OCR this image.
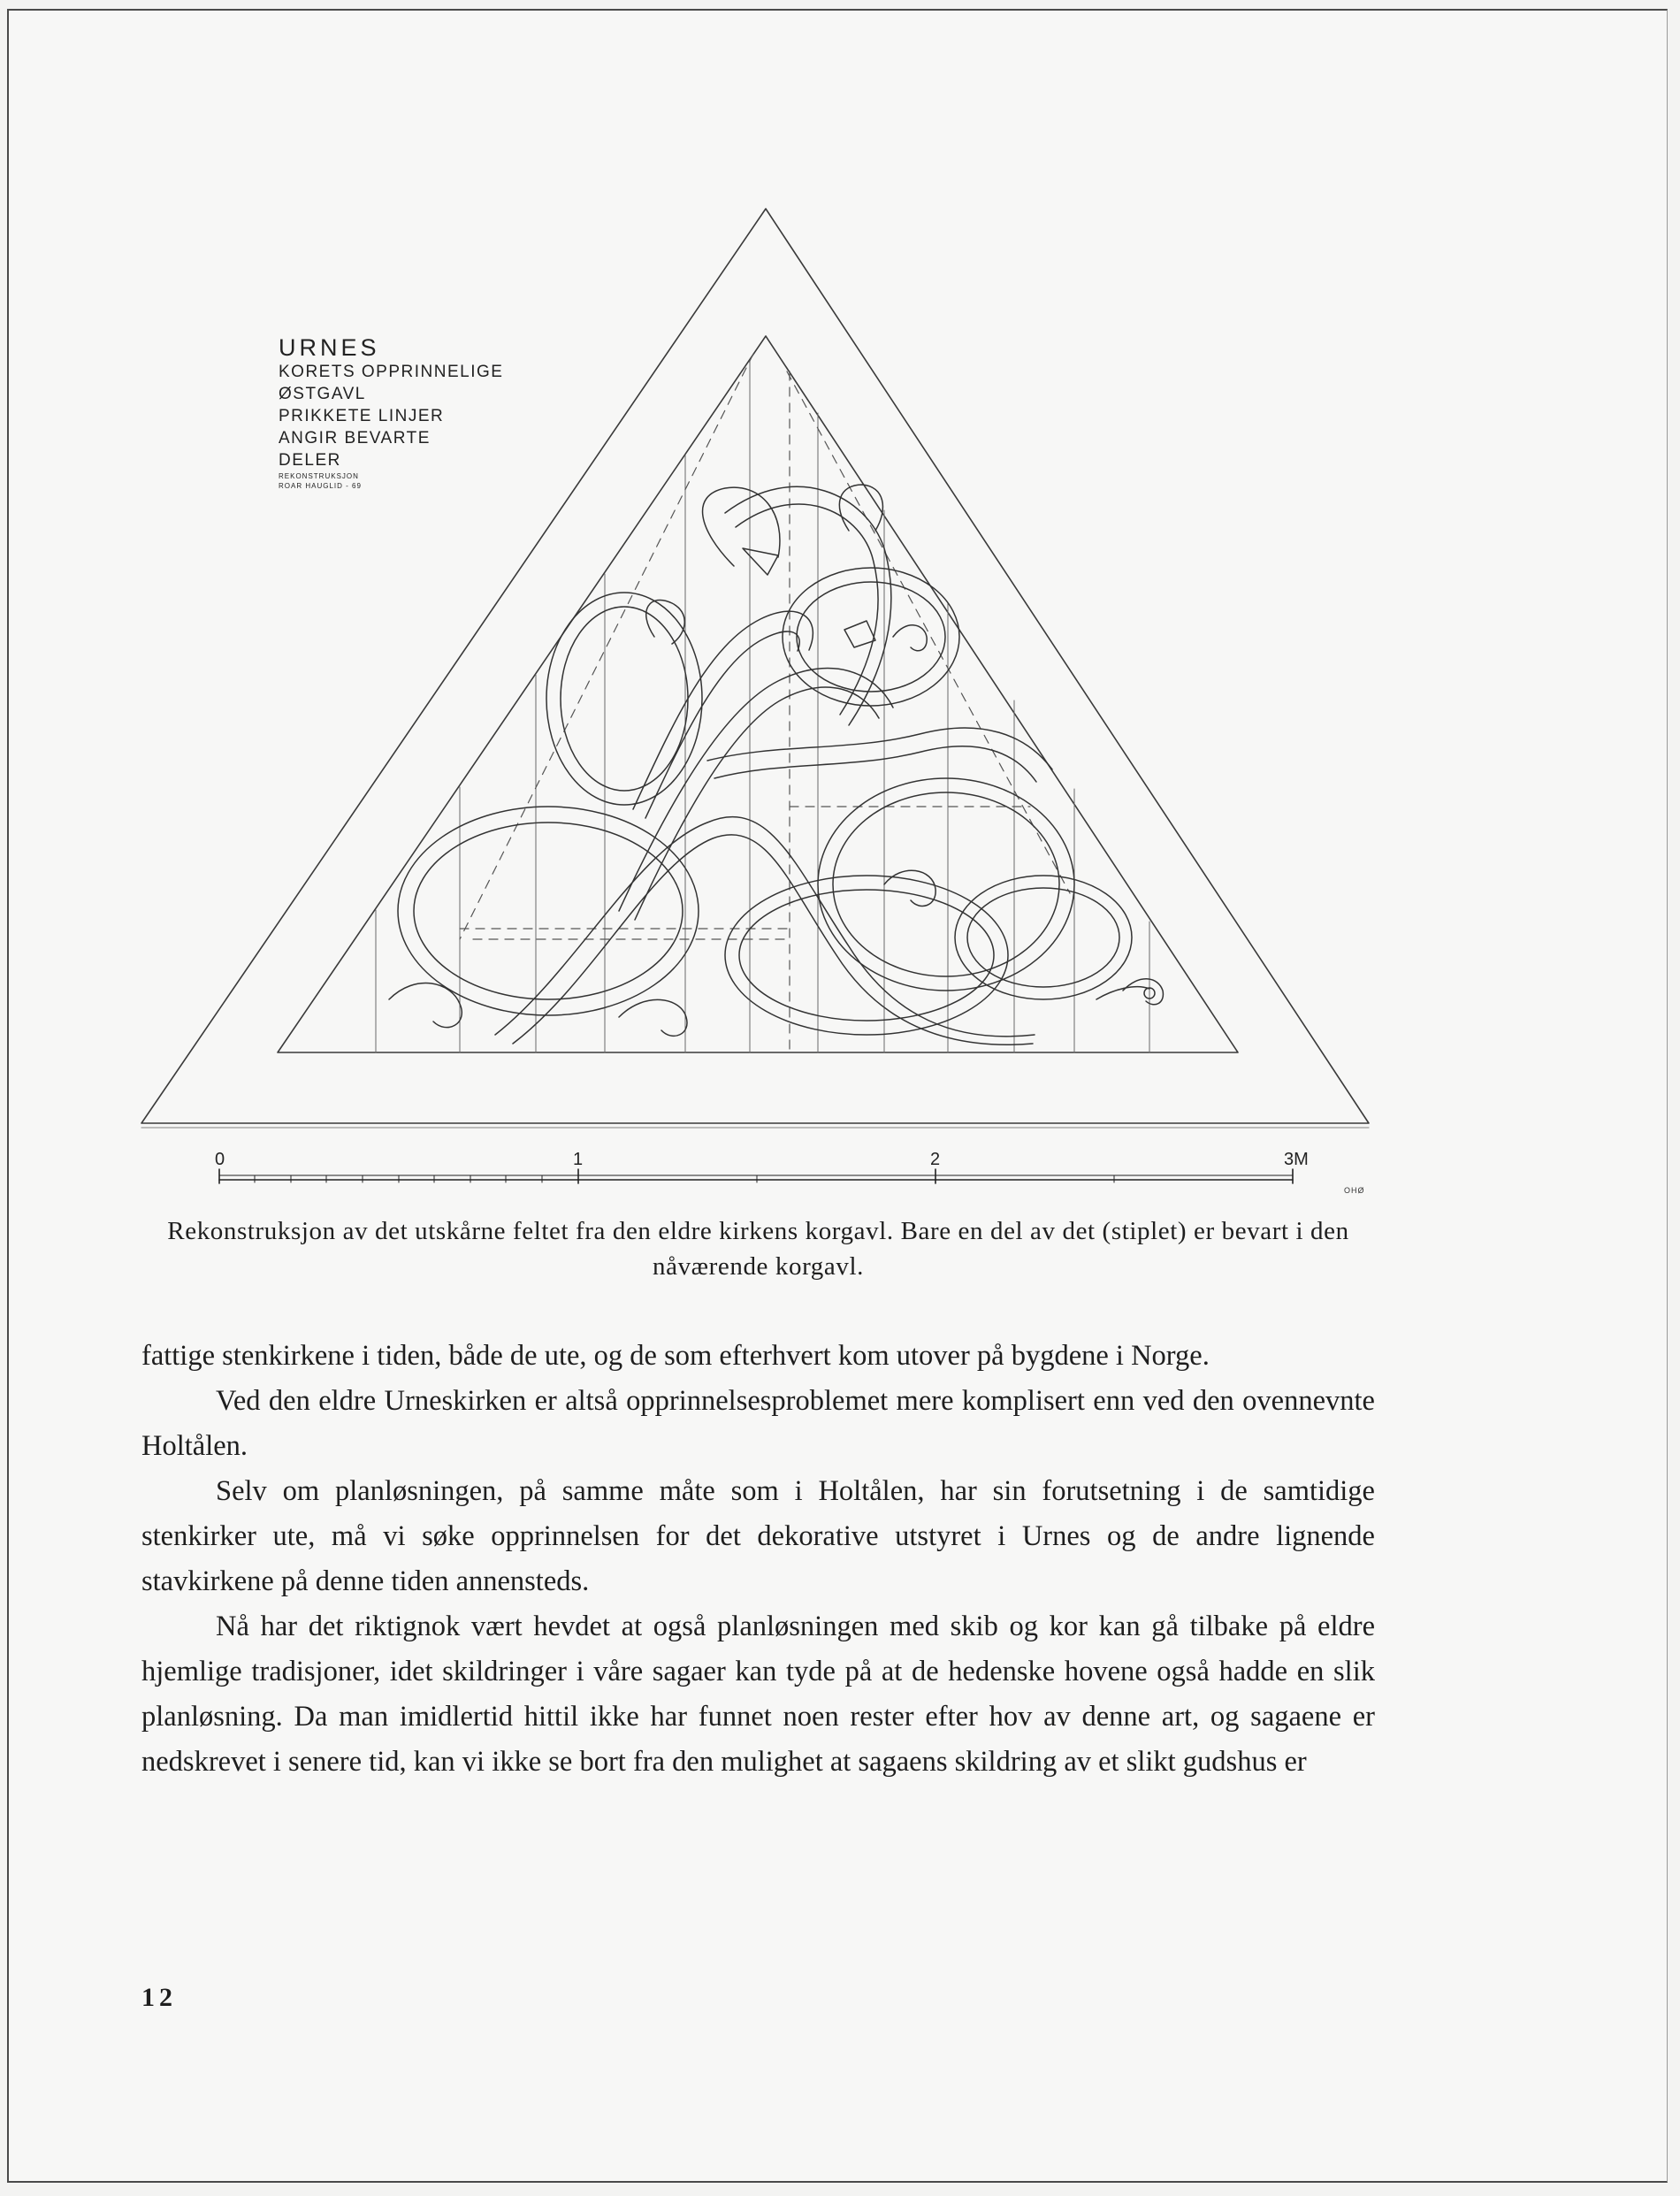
URNES
KORETS OPPRINNELIGE
ØSTGAVL
PRIKKETE LINJER
ANGIR BEVARTE
DELER
REKONSTRUKSJON
ROAR HAUGLID - 69
0	1	2	3M
OHØ
Rekonstruksjon av det utskårne feltet fra den eldre kirkens korgavl. Bare en del av det (stiplet) er bevart i den nåværende korgavl.

fattige stenkirkene i tiden, både de ute, og de som efterhvert kom utover på bygdene i Norge.

Ved den eldre Urneskirken er altså opprinnelsesproblemet mere komplisert enn ved den ovennevnte Holtålen.

Selv om planløsningen, på samme måte som i Holtålen, har sin forutsetning i de samtidige stenkirker ute, må vi søke opprinnelsen for det dekorative utstyret i Urnes og de andre lignende stavkirkene på denne tiden annensteds.

Nå har det riktignok vært hevdet at også planløsningen med skib og kor kan gå tilbake på eldre hjemlige tradisjoner, idet skildringer i våre sagaer kan tyde på at de hedenske hovene også hadde en slik planløsning. Da man imidlertid hittil ikke har funnet noen rester efter hov av denne art, og sagaene er nedskrevet i senere tid, kan vi ikke se bort fra den mulighet at sagaens skildring av et slikt gudshus er

12
